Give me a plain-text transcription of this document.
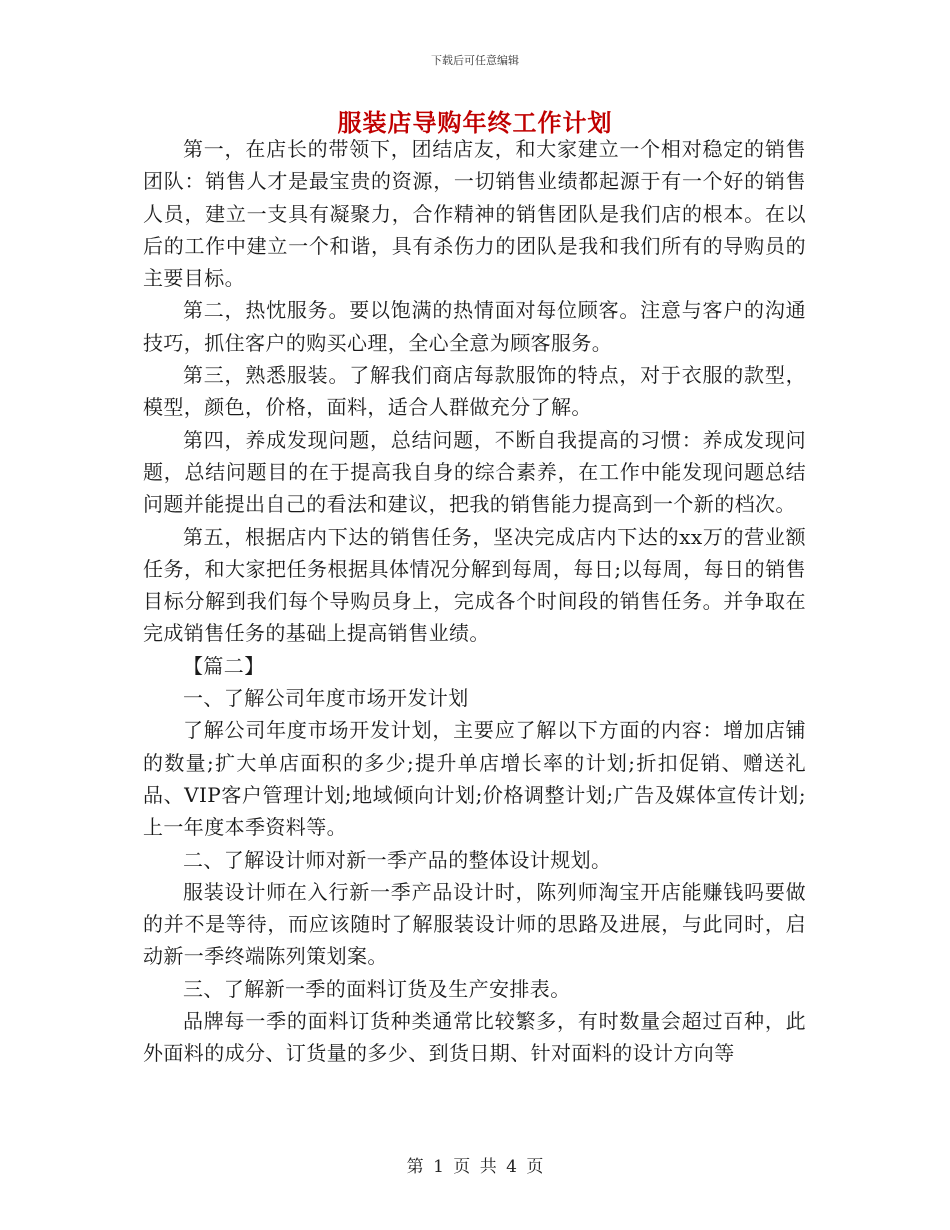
下载后可任意编辑
服装店导购年终工作计划

第一，在店长的带领下，团结店友，和大家建立一个相对稳定的销售团队：销售人才是最宝贵的资源，一切销售业绩都起源于有一个好的销售人员，建立一支具有凝聚力，合作精神的销售团队是我们店的根本。在以后的工作中建立一个和谐，具有杀伤力的团队是我和我们所有的导购员的主要目标。

第二，热忱服务。要以饱满的热情面对每位顾客。注意与客户的沟通技巧，抓住客户的购买心理，全心全意为顾客服务。

第三，熟悉服装。了解我们商店每款服饰的特点，对于衣服的款型，模型，颜色，价格，面料，适合人群做充分了解。

第四，养成发现问题，总结问题，不断自我提高的习惯：养成发现问题，总结问题目的在于提高我自身的综合素养，在工作中能发现问题总结问题并能提出自己的看法和建议，把我的销售能力提高到一个新的档次。

第五，根据店内下达的销售任务，坚决完成店内下达的xx万的营业额任务，和大家把任务根据具体情况分解到每周，每日;以每周，每日的销售目标分解到我们每个导购员身上，完成各个时间段的销售任务。并争取在完成销售任务的基础上提高销售业绩。

【篇二】

一、了解公司年度市场开发计划

了解公司年度市场开发计划，主要应了解以下方面的内容：增加店铺的数量;扩大单店面积的多少;提升单店增长率的计划;折扣促销、赠送礼品、VIP客户管理计划;地域倾向计划;价格调整计划;广告及媒体宣传计划;上一年度本季资料等。

二、了解设计师对新一季产品的整体设计规划。

服装设计师在入行新一季产品设计时，陈列师淘宝开店能赚钱吗要做的并不是等待，而应该随时了解服装设计师的思路及进展，与此同时，启动新一季终端陈列策划案。

三、了解新一季的面料订货及生产安排表。

品牌每一季的面料订货种类通常比较繁多，有时数量会超过百种，此外面料的成分、订货量的多少、到货日期、针对面料的设计方向等

第 1 页 共 4 页
